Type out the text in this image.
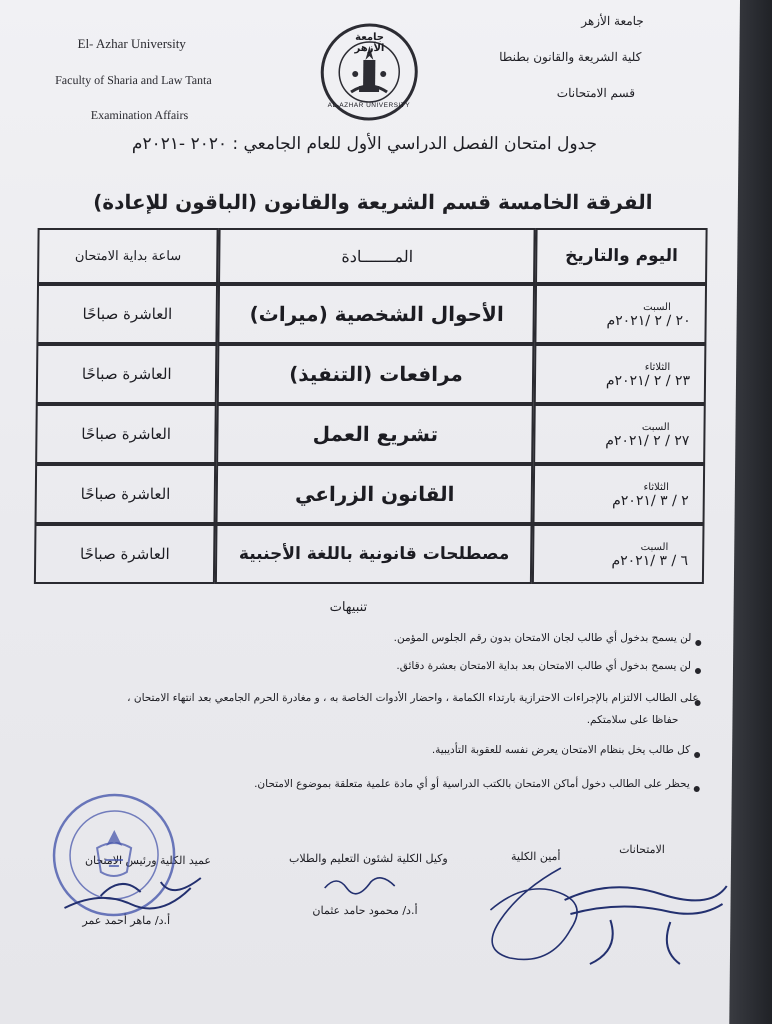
El- Azhar University
Faculty of Sharia and Law Tanta
Examination Affairs
جامعة الأزهر
AL-AZHAR UNIVERSITY
جامعة الأزهر
كلية الشريعة والقانون بطنطا
قسم الامتحانات
جدول امتحان الفصل الدراسي الأول للعام الجامعي : ٢٠٢٠ -٢٠٢١م
الفرقة الخامسة قسم الشريعة والقانون (الباقون للإعادة)
اليوم والتاريخ	المـــــــادة	ساعة بداية الامتحان

السبت
٢٠ / ٢ /٢٠٢١م	الأحوال الشخصية (ميراث)	العاشرة صباحًا

الثلاثاء
٢٣ / ٢ /٢٠٢١م	مرافعات (التنفيذ)	العاشرة صباحًا

السبت
٢٧ / ٢ /٢٠٢١م	تشريع العمل	العاشرة صباحًا

الثلاثاء
٢ / ٣ /٢٠٢١م	القانون الزراعي	العاشرة صباحًا

السبت
٦ / ٣ /٢٠٢١م	مصطلحات قانونية باللغة الأجنبية	العاشرة صباحًا
تنبيهات
لن يسمح بدخول أي طالب لجان الامتحان بدون رقم الجلوس المؤمن.
لن يسمح بدخول أي طالب الامتحان بعد بداية الامتحان بعشرة دقائق.
على الطالب الالتزام بالإجراءات الاحترازية بارتداء الكمامة ، واحضار الأدوات الخاصة به ، و مغادرة الحرم الجامعي بعد انتهاء الامتحان ،
حفاظا على سلامتكم.
كل طالب يخل بنظام الامتحان يعرض نفسه للعقوبة التأديبية.
يحظر على الطالب دخول أماكن الامتحان بالكتب الدراسية أو أي مادة علمية متعلقة بموضوع الامتحان.
عميد الكلية ورئيس الامتحان
أ.د/ ماهر أحمد عمر
وكيل الكلية لشئون التعليم والطلاب
أ.د/ محمود حامد عثمان
أمين الكلية
الامتحانات
